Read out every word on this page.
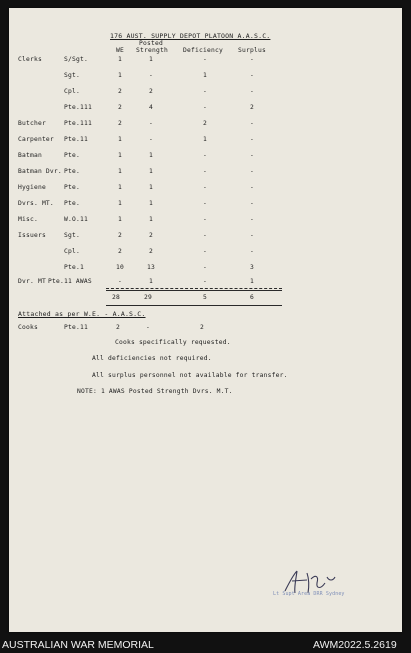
176 AUST. SUPPLY DEPOT PLATOON A.A.S.C.
Posted
WE Strength Deficiency Surplus
Clerks	S/Sgt.	1	1	-	-
Sgt.	1	-	1	-
Cpl.	2	2	-	-
Pte.111	2	4	-	2
Butcher	Pte.111	2	-	2	-
Carpenter Pte.11	1	-	1	-
Batman	Pte.	1	1	-	-
Batman Dvr. Pte.	1	1	-	-
Hygiene	Pte.	1	1	-	-
Dvrs. MT. Pte.	1	1	-	-
Misc.	W.O.11	1	1	-	-
Issuers	Sgt.	2	2	-	-
Cpl.	2	2	-	-
Pte.1	10	13	-	3
Dvr. MT Pte.11 AWAS	-	1	-	1
28	29	5	6
Attached as per W.E. - A.A.S.C.
Cooks	Pte.11	2	-	2
Cooks specifically requested.
All deficiencies not required.
All surplus personnel not available for transfer.
NOTE: 1 AWAS Posted Strength Dvrs. M.T.
Lt Supt Area DRR Sydney
AUSTRALIAN WAR MEMORIAL	AWM2022.5.2619
